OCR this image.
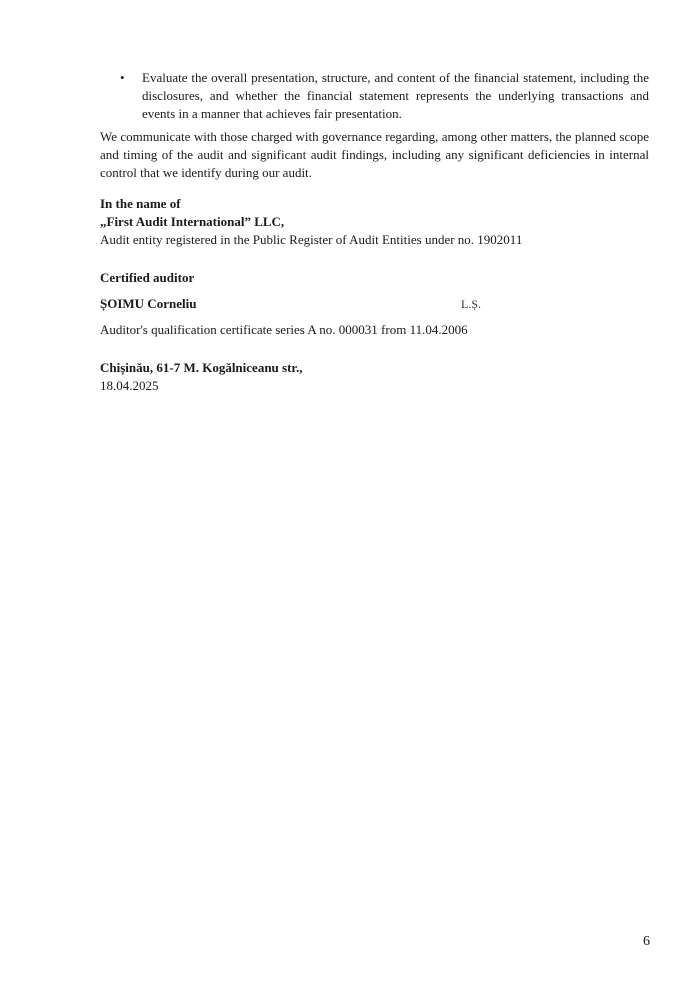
• Evaluate the overall presentation, structure, and content of the financial statement, including the disclosures, and whether the financial statement represents the underlying transactions and events in a manner that achieves fair presentation.
We communicate with those charged with governance regarding, among other matters, the planned scope and timing of the audit and significant audit findings, including any significant deficiencies in internal control that we identify during our audit.
In the name of
„First Audit International” LLC,
Audit entity registered in the Public Register of Audit Entities under no. 1902011
Certified auditor
ȘOIMU Corneliu	L.Ș.
Auditor's qualification certificate series A no. 000031 from 11.04.2006
Chișinău, 61-7 M. Kogălniceanu str.,
18.04.2025
6
